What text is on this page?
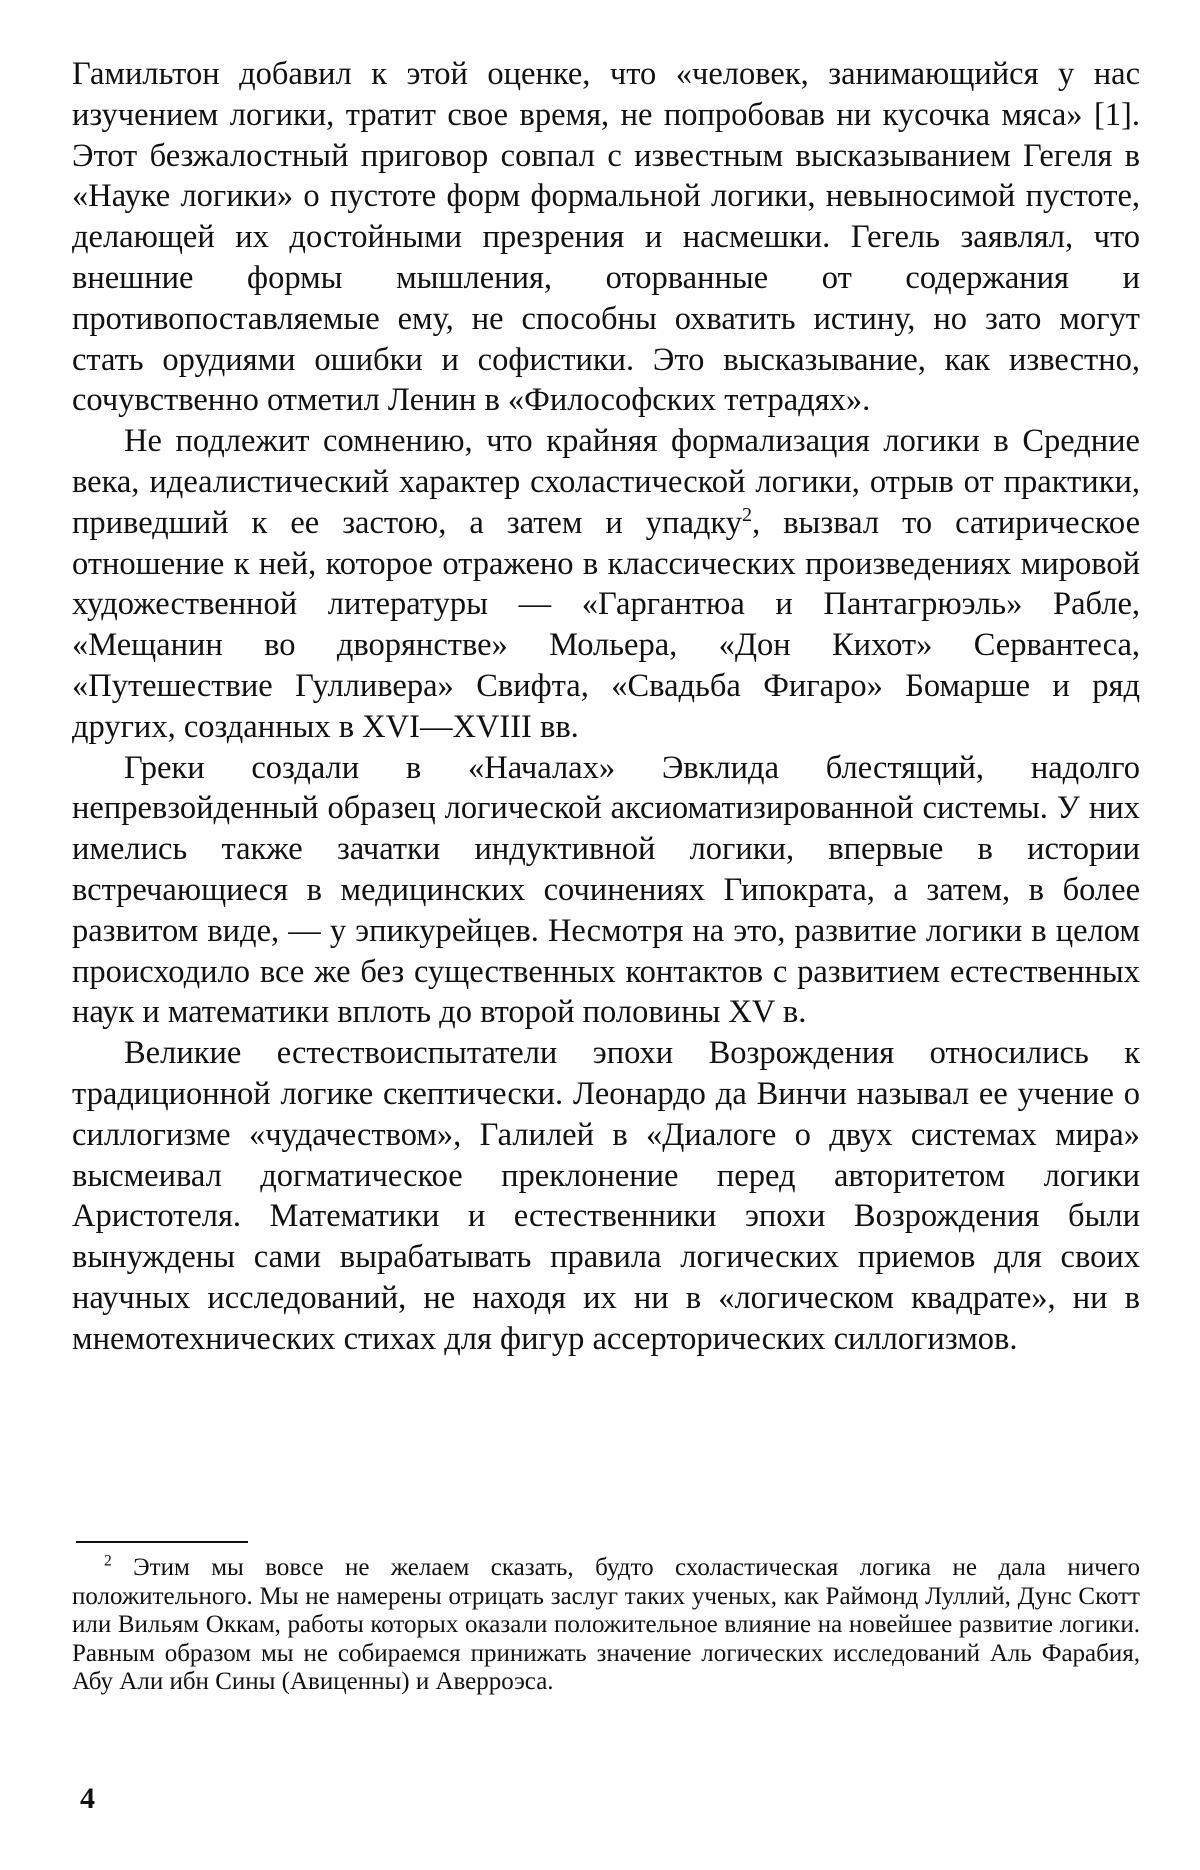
Гамильтон добавил к этой оценке, что «человек, занимающийся у нас изучением логики, тратит свое время, не попробовав ни кусочка мяса» [1]. Этот безжалостный приговор совпал с известным высказыванием Гегеля в «Науке логики» о пустоте форм формальной логики, невыносимой пустоте, делающей их достойными презрения и насмешки. Гегель заявлял, что внешние формы мышления, оторванные от содержания и противопоставляемые ему, не способны охватить истину, но зато могут стать орудиями ошибки и софистики. Это высказывание, как известно, сочувственно отметил Ленин в «Философских тетрадях».

Не подлежит сомнению, что крайняя формализация логики в Средние века, идеалистический характер схоластической логики, отрыв от практики, приведший к ее застою, а затем и упадку$^2$, вызвал то сатирическое отношение к ней, которое отражено в классических произведениях мировой художественной литературы — «Гаргантюа и Пантагрюэль» Рабле, «Мещанин во дворянстве» Мольера, «Дон Кихот» Сервантеса, «Путешествие Гулливера» Свифта, «Свадьба Фигаро» Бомарше и ряд других, созданных в XVI—XVIII вв.

Греки создали в «Началах» Эвклида блестящий, надолго непревзойденный образец логической аксиоматизированной системы. У них имелись также зачатки индуктивной логики, впервые в истории встречающиеся в медицинских сочинениях Гипократа, а затем, в более развитом виде, — у эпикурейцев. Несмотря на это, развитие логики в целом происходило все же без существенных контактов с развитием естественных наук и математики вплоть до второй половины XV в.

Великие естествоиспытатели эпохи Возрождения относились к традиционной логике скептически. Леонардо да Винчи называл ее учение о силлогизме «чудачеством», Галилей в «Диалоге о двух системах мира» высмеивал догматическое преклонение перед авторитетом логики Аристотеля. Математики и естественники эпохи Возрождения были вынуждены сами вырабатывать правила логических приемов для своих научных исследований, не находя их ни в «логическом квадрате», ни в мнемотехнических стихах для фигур ассерторических силлогизмов.

$^2$ Этим мы вовсе не желаем сказать, будто схоластическая логика не дала ничего положительного. Мы не намерены отрицать заслуг таких ученых, как Раймонд Луллий, Дунс Скотт или Вильям Оккам, работы которых оказали положительное влияние на новейшее развитие логики. Равным образом мы не собираемся принижать значение логических исследований Аль Фарабия, Абу Али ибн Сины (Авиценны) и Аверроэса.

4
